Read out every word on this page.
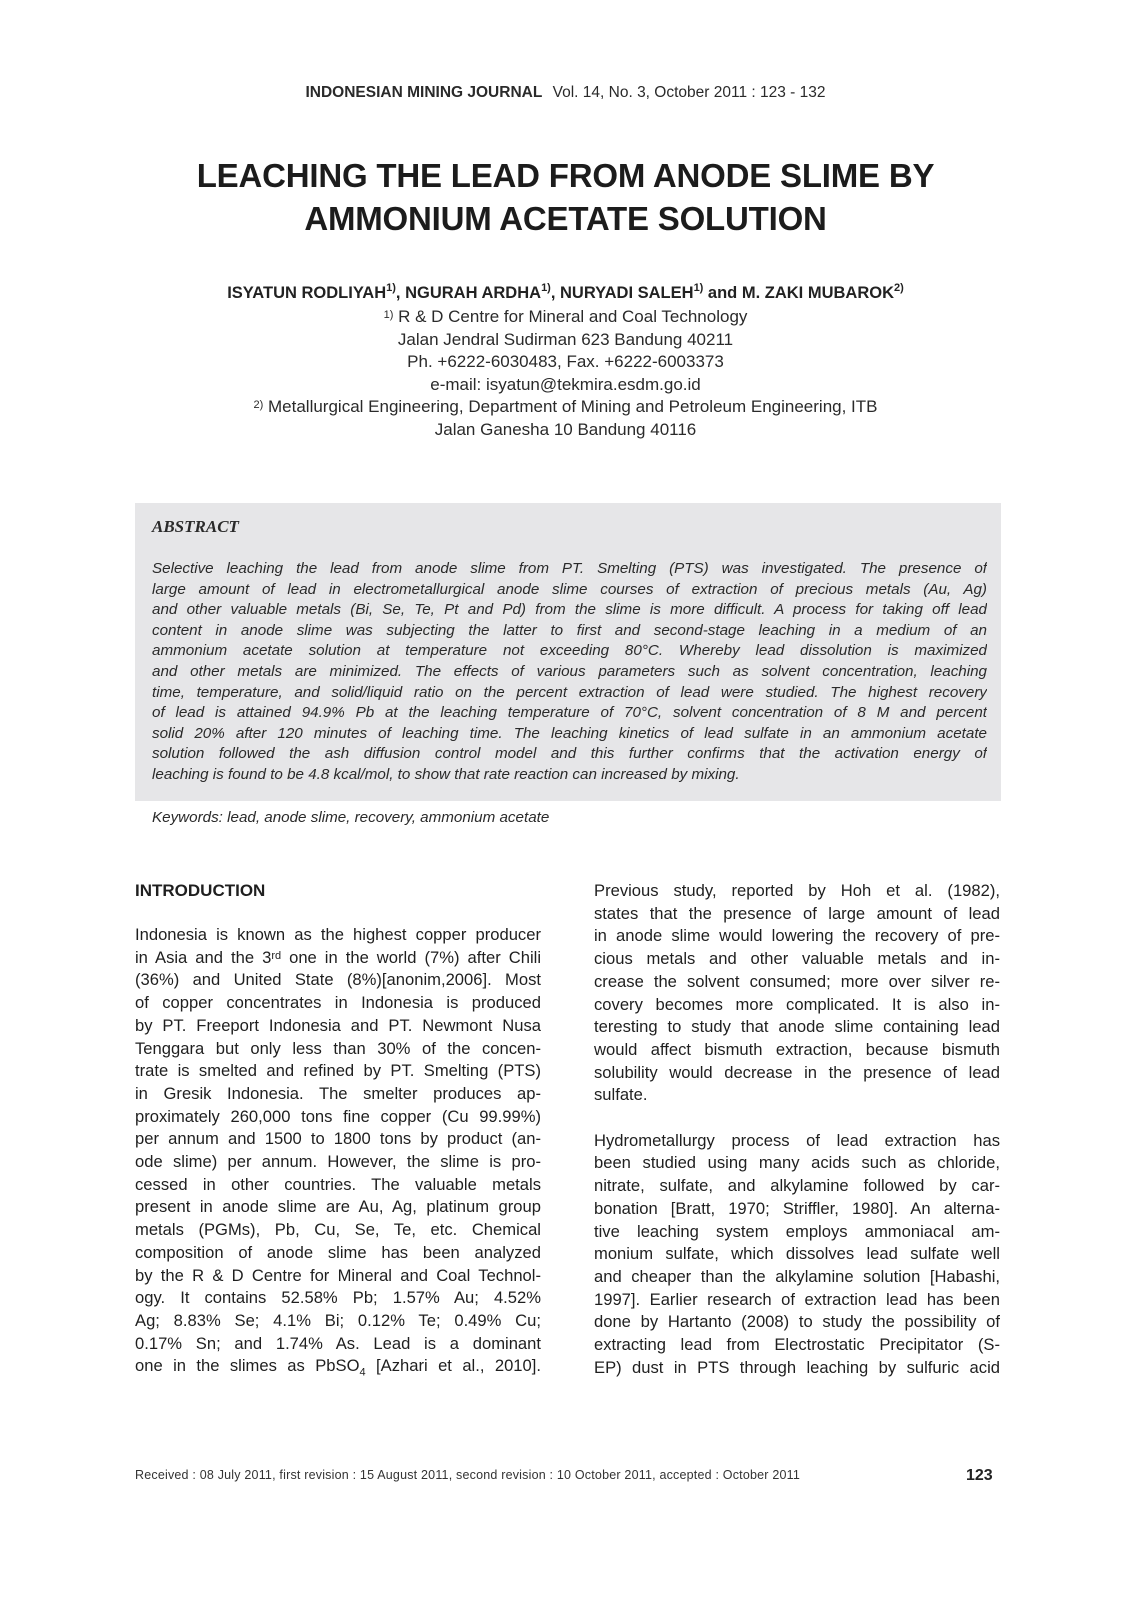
INDONESIAN MINING JOURNAL Vol. 14, No. 3, October 2011 : 123 - 132
LEACHING THE LEAD FROM ANODE SLIME BY
AMMONIUM ACETATE SOLUTION
ISYATUN RODLIYAH$^{1)}$, NGURAH ARDHA$^{1)}$, NURYADI SALEH$^{1)}$ and M. ZAKI MUBAROK$^{2)}$
$^{1)}$ R & D Centre for Mineral and Coal Technology
Jalan Jendral Sudirman 623 Bandung 40211
Ph. +6222-6030483, Fax. +6222-6003373
e-mail: isyatun@tekmira.esdm.go.id
$^{2)}$ Metallurgical Engineering, Department of Mining and Petroleum Engineering, ITB
Jalan Ganesha 10 Bandung 40116
ABSTRACT
Selective leaching the lead from anode slime from PT. Smelting (PTS) was investigated. The presence of
large amount of lead in electrometallurgical anode slime courses of extraction of precious metals (Au, Ag)
and other valuable metals (Bi, Se, Te, Pt and Pd) from the slime is more difficult. A process for taking off lead
content in anode slime was subjecting the latter to first and second-stage leaching in a medium of an
ammonium acetate solution at temperature not exceeding 80°C. Whereby lead dissolution is maximized
and other metals are minimized. The effects of various parameters such as solvent concentration, leaching
time, temperature, and solid/liquid ratio on the percent extraction of lead were studied. The highest recovery
of lead is attained 94.9% Pb at the leaching temperature of 70°C, solvent concentration of 8 M and percent
solid 20% after 120 minutes of leaching time. The leaching kinetics of lead sulfate in an ammonium acetate
solution followed the ash diffusion control model and this further confirms that the activation energy of
leaching is found to be 4.8 kcal/mol, to show that rate reaction can increased by mixing.
Keywords: lead, anode slime, recovery, ammonium acetate
INTRODUCTION
Indonesia is known as the highest copper producer
in Asia and the 3rd one in the world (7%) after Chili
(36%) and United State (8%)[anonim,2006]. Most
of copper concentrates in Indonesia is produced
by PT. Freeport Indonesia and PT. Newmont Nusa
Tenggara but only less than 30% of the concen-
trate is smelted and refined by PT. Smelting (PTS)
in Gresik Indonesia. The smelter produces ap-
proximately 260,000 tons fine copper (Cu 99.99%)
per annum and 1500 to 1800 tons by product (an-
ode slime) per annum. However, the slime is pro-
cessed in other countries. The valuable metals
present in anode slime are Au, Ag, platinum group
metals (PGMs), Pb, Cu, Se, Te, etc. Chemical
composition of anode slime has been analyzed
by the R & D Centre for Mineral and Coal Technol-
ogy. It contains 52.58% Pb; 1.57% Au; 4.52%
Ag; 8.83% Se; 4.1% Bi; 0.12% Te; 0.49% Cu;
0.17% Sn; and 1.74% As. Lead is a dominant
one in the slimes as PbSO$_4$ [Azhari et al., 2010].
Previous study, reported by Hoh et al. (1982),
states that the presence of large amount of lead
in anode slime would lowering the recovery of pre-
cious metals and other valuable metals and in-
crease the solvent consumed; more over silver re-
covery becomes more complicated. It is also in-
teresting to study that anode slime containing lead
would affect bismuth extraction, because bismuth
solubility would decrease in the presence of lead
sulfate.
Hydrometallurgy process of lead extraction has
been studied using many acids such as chloride,
nitrate, sulfate, and alkylamine followed by car-
bonation [Bratt, 1970; Striffler, 1980]. An alterna-
tive leaching system employs ammoniacal am-
monium sulfate, which dissolves lead sulfate well
and cheaper than the alkylamine solution [Habashi,
1997]. Earlier research of extraction lead has been
done by Hartanto (2008) to study the possibility of
extracting lead from Electrostatic Precipitator (S-
EP) dust in PTS through leaching by sulfuric acid
Received : 08 July 2011, first revision : 15 August 2011, second revision : 10 October 2011, accepted : October 2011	123
